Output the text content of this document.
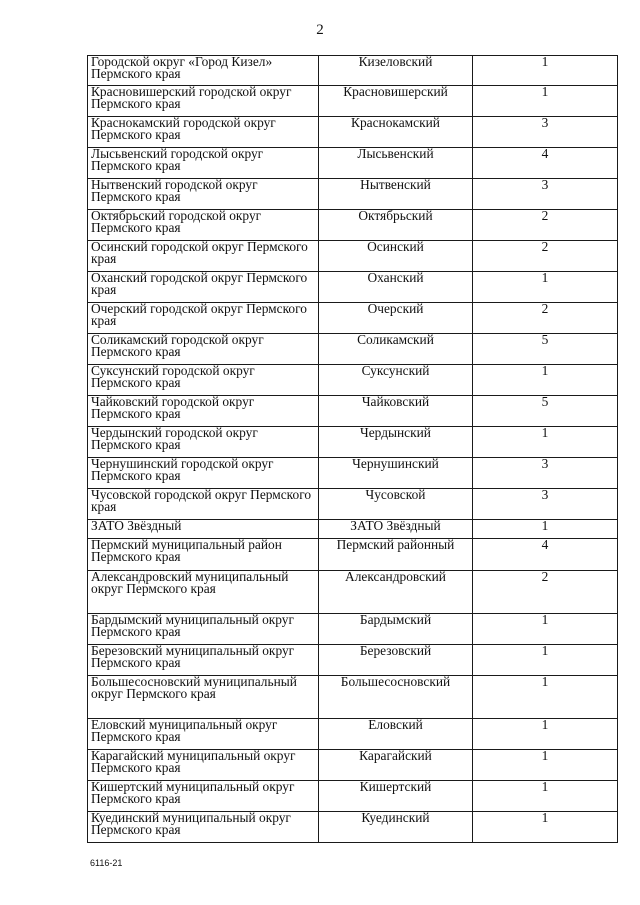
2
Городской округ «Город Кизел» Пермского края	Кизеловский	1
Красновишерский городской округ Пермского края	Красновишерский	1
Краснокамский городской округ Пермского края	Краснокамский	3
Лысьвенский городской округ Пермского края	Лысьвенский	4
Нытвенский городской округ Пермского края	Нытвенский	3
Октябрьский городской округ Пермского края	Октябрьский	2
Осинский городской округ Пермского края	Осинский	2
Оханский городской округ Пермского края	Оханский	1
Очерский городской округ Пермского края	Очерский	2
Соликамский городской округ Пермского края	Соликамский	5
Суксунский городской округ Пермского края	Суксунский	1
Чайковский городской округ Пермского края	Чайковский	5
Чердынский городской округ Пермского края	Чердынский	1
Чернушинский городской округ Пермского края	Чернушинский	3
Чусовской городской округ Пермского края	Чусовской	3
ЗАТО Звёздный	ЗАТО Звёздный	1
Пермский муниципальный район Пермского края	Пермский районный	4
Александровский муниципальный округ Пермского края	Александровский	2
Бардымский муниципальный округ Пермского края	Бардымский	1
Березовский муниципальный округ Пермского края	Березовский	1
Большесосновский муниципальный округ Пермского края	Большесосновский	1
Еловский муниципальный округ Пермского края	Еловский	1
Карагайский муниципальный округ Пермского края	Карагайский	1
Кишертский муниципальный округ Пермского края	Кишертский	1
Куединский муниципальный округ Пермского края	Куединский	1
6116-21
